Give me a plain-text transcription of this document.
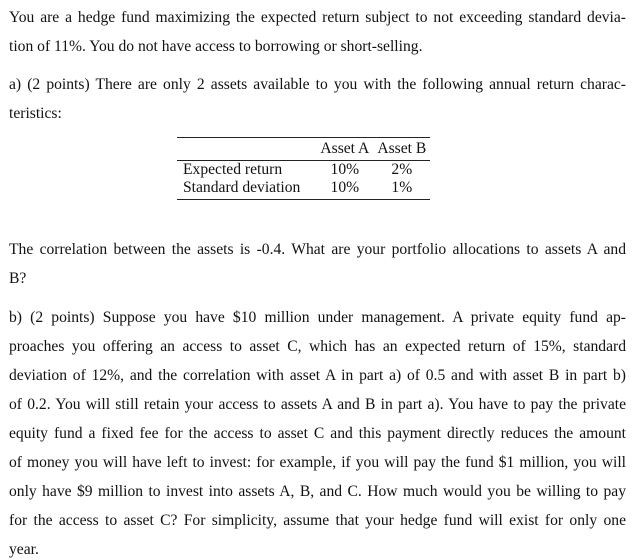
You are a hedge fund maximizing the expected return subject to not exceeding standard devia-
tion of 11%. You do not have access to borrowing or short-selling.
a) (2 points) There are only 2 assets available to you with the following annual return charac-
teristics:
	Asset A	Asset B
Expected return	10%	2%
Standard deviation	10%	1%
The correlation between the assets is -0.4. What are your portfolio allocations to assets A and
B?
b) (2 points) Suppose you have $10 million under management. A private equity fund ap-
proaches you offering an access to asset C, which has an expected return of 15%, standard
deviation of 12%, and the correlation with asset A in part a) of 0.5 and with asset B in part b)
of 0.2. You will still retain your access to assets A and B in part a). You have to pay the private
equity fund a fixed fee for the access to asset C and this payment directly reduces the amount
of money you will have left to invest: for example, if you will pay the fund $1 million, you will
only have $9 million to invest into assets A, B, and C. How much would you be willing to pay
for the access to asset C? For simplicity, assume that your hedge fund will exist for only one
year.
